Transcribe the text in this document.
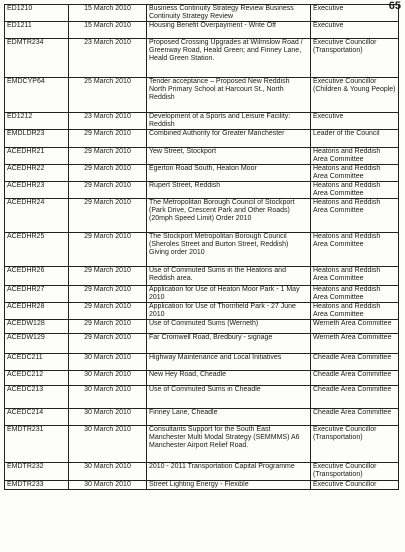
65
ED1210	15 March 2010	Business Continuity Strategy Review Business Continuity Strategy Review	Executive
ED1211	15 March 2010	Housing Benefit Overpayment - Write Off	Executive
EDMTR234	23 March 2010	Proposed Crossing Upgrades at Wilmslow Road / Greenway Road, Heald Green; and Finney Lane, Heald Green Station.	Executive Councillor (Transportation)
EMDCYP64	25 March 2010	Tender acceptance – Proposed New Reddish North Primary School at Harcourt St., North Reddish	Executive Councillor (Children & Young People)
ED1212	23 March 2010	Development of a Sports and Leisure Facility: Reddish	Executive
EMDLDR23	29 March 2010	Combined Authority for Greater Manchester	Leader of the Council
ACEDHR21	29 March 2010	Yew Street, Stockport	Heatons and Reddish Area Committee
ACEDHR22	29 March 2010	Egerton Road South, Heaton Moor	Heatons and Reddish Area Committee
ACEDHR23	29 March 2010	Rupert Street, Reddish	Heatons and Reddish Area Committee
ACEDHR24	29 March 2010	The Metropolitan Borough Council of Stockport (Park Drive, Crescent Park and Other Roads) (20mph Speed Limit) Order 2010	Heatons and Reddish Area Committee
ACEDHR25	29 March 2010	The Stockport Metropolitan Borough Council (Sheroles Street and Burton Street, Reddish) Giving order 2010	Heatons and Reddish Area Committee
ACEDHR26	29 March 2010	Use of Commuted Sums in the Heatons and Reddish area.	Heatons and Reddish Area Committee
ACEDHR27	29 March 2010	Application for Use of Heaton Moor Park - 1 May 2010	Heatons and Reddish Area Committee
ACEDHR28	29 March 2010	Application for Use of Thornfield Park - 27 June 2010	Heatons and Reddish Area Committee
ACEDW128	29 March 2010	Use of Commuted Sums (Werneth)	Werneth Area Committee
ACEDW129	29 March 2010	Far Cromwell Road, Bredbury - signage	Werneth Area Committee
ACEDC211	30 March 2010	Highway Maintenance and Local Initiatives	Cheadle Area Committee
ACEDC212	30 March 2010	New Hey Road, Cheadle	Cheadle Area Committee
ACEDC213	30 March 2010	Use of Commuted Sums in Cheadle	Cheadle Area Committee
ACEDC214	30 March 2010	Finney Lane, Cheadle	Cheadle Area Committee
EMDTR231	30 March 2010	Consultants Support for the South East Manchester Multi Modal Strategy (SEMMMS) A6 Manchester Airport Relief Road.	Executive Councillor (Transportation)
EMDTR232	30 March 2010	2010 - 2011 Transportation Capital Programme	Executive Councillor (Transportation)
EMDTR233	30 March 2010	Street Lighting Energy - Flexible	Executive Councillor
